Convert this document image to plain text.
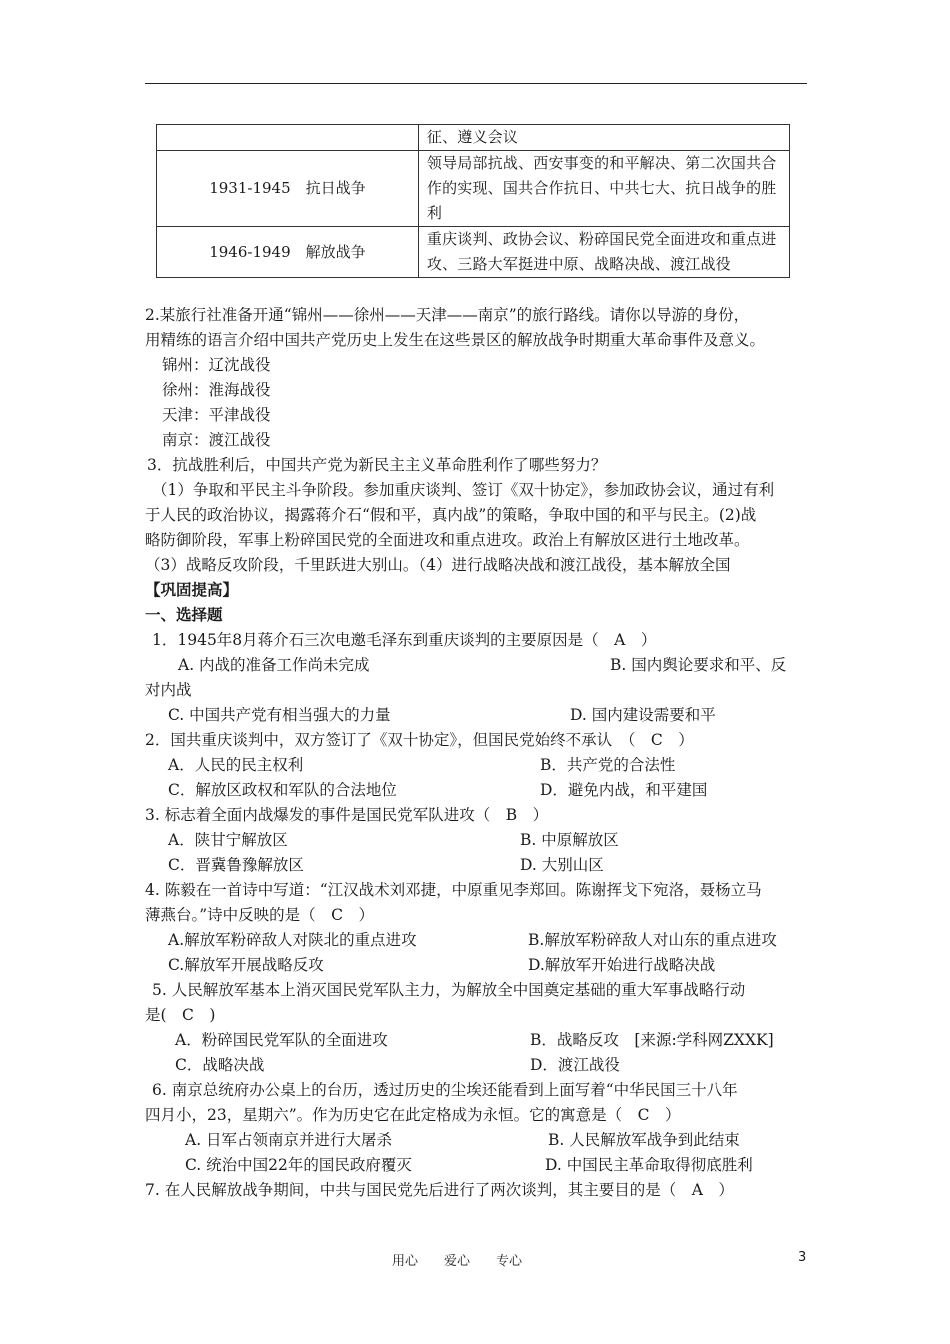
	征、遵义会议
1931-1945　抗日战争	领导局部抗战、西安事变的和平解决、第二次国共合作的实现、国共合作抗日、中共七大、抗日战争的胜利
1946-1949　解放战争	重庆谈判、政协会议、粉碎国民党全面进攻和重点进攻、三路大军挺进中原、战略决战、渡江战役
2.某旅行社准备开通“锦州——徐州——天津——南京”的旅行路线。请你以导游的身份，
用精练的语言介绍中国共产党历史上发生在这些景区的解放战争时期重大革命事件及意义。
锦州：辽沈战役
徐州：淮海战役
天津：平津战役
南京：渡江战役
3．抗战胜利后，中国共产党为新民主主义革命胜利作了哪些努力？
（1）争取和平民主斗争阶段。参加重庆谈判、签订《双十协定》，参加政协会议，通过有利
于人民的政治协议，揭露蒋介石“假和平，真内战”的策略，争取中国的和平与民主。(2)战
略防御阶段，军事上粉碎国民党的全面进攻和重点进攻。政治上有解放区进行土地改革。
（3）战略反攻阶段，千里跃进大别山。（4）进行战略决战和渡江战役，基本解放全国
【巩固提高】
一、选择题
1．1945年8月蒋介石三次电邀毛泽东到重庆谈判的主要原因是（　A　）
A. 内战的准备工作尚未完成	B. 国内舆论要求和平、反
对内战
C. 中国共产党有相当强大的力量	D. 国内建设需要和平
2．国共重庆谈判中，双方签订了《双十协定》，但国民党始终不承认　（　C　）
A．人民的民主权利	B．共产党的合法性
C．解放区政权和军队的合法地位	D．避免内战，和平建国
3. 标志着全面内战爆发的事件是国民党军队进攻（　B　）
A．陕甘宁解放区	B. 中原解放区
C．晋冀鲁豫解放区	D. 大别山区
4. 陈毅在一首诗中写道：“江汉战术刘邓捷，中原重见李郑回。陈谢挥戈下宛洛，聂杨立马
薄燕台。”诗中反映的是（　C　）
A.解放军粉碎敌人对陕北的重点进攻	B.解放军粉碎敌人对山东的重点进攻
C.解放军开展战略反攻	D.解放军开始进行战略决战
5. 人民解放军基本上消灭国民党军队主力，为解放全中国奠定基础的重大军事战略行动
是(　C　)
A．粉碎国民党军队的全面进攻	B．战略反攻　[来源:学科网ZXXK]
C．战略决战	D．渡江战役
6. 南京总统府办公桌上的台历，透过历史的尘埃还能看到上面写着“中华民国三十八年
四月小，23，星期六”。作为历史它在此定格成为永恒。它的寓意是（　C　）
A. 日军占领南京并进行大屠杀	B. 人民解放军战争到此结束
C. 统治中国22年的国民政府覆灭	D. 中国民主革命取得彻底胜利
7. 在人民解放战争期间，中共与国民党先后进行了两次谈判，其主要目的是（　A　）
用心　　爱心　　专心	3
